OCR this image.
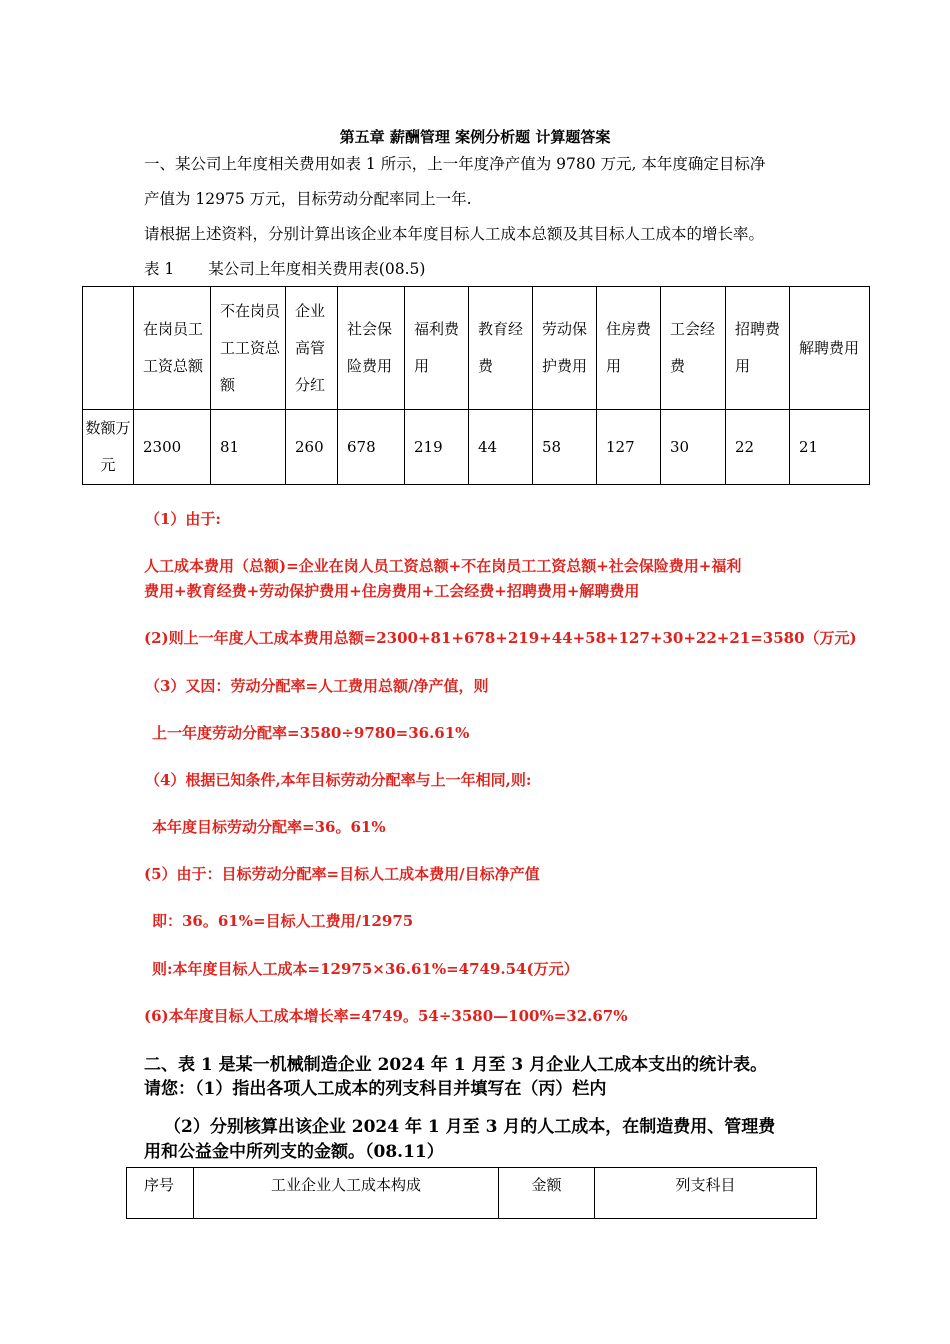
第五章 薪酬管理 案例分析题 计算题答案
一、某公司上年度相关费用如表 1 所示，上一年度净产值为 9780 万元, 本年度确定目标净
产值为 12975 万元，目标劳动分配率同上一年.
请根据上述资料，分别计算出该企业本年度目标人工成本总额及其目标人工成本的增长率。
表 1 某公司上年度相关费用表(08.5)
	在岗员工工资总额	不在岗员工工资总额	企业高管分红	社会保险费用	福利费用	教育经费	劳动保护费用	住房费用	工会经费	招聘费用	解聘费用
数额万元	2300	81	260	678	219	44	58	127	30	22	21
（1）由于:
人工成本费用（总额)=企业在岗人员工资总额+不在岗员工工资总额+社会保险费用+福利
费用+教育经费+劳动保护费用+住房费用+工会经费+招聘费用+解聘费用
(2)则上一年度人工成本费用总额=2300+81+678+219+44+58+127+30+22+21=3580（万元)
（3）又因：劳动分配率=人工费用总额/净产值，则
上一年度劳动分配率=3580÷9780=36.61%
（4）根据已知条件,本年目标劳动分配率与上一年相同,则:
本年度目标劳动分配率=36。61%
(5）由于：目标劳动分配率=目标人工成本费用/目标净产值
即：36。61%=目标人工费用/12975
则:本年度目标人工成本=12975×36.61%=4749.54(万元）
(6)本年度目标人工成本增长率=4749。54÷3580—100%=32.67%
二、表 1 是某一机械制造企业 2024 年 1 月至 3 月企业人工成本支出的统计表。
请您：（1）指出各项人工成本的列支科目并填写在（丙）栏内
（2）分别核算出该企业 2024 年 1 月至 3 月的人工成本，在制造费用、管理费
用和公益金中所列支的金额。（08.11）
序号	工业企业人工成本构成	金额	列支科目
